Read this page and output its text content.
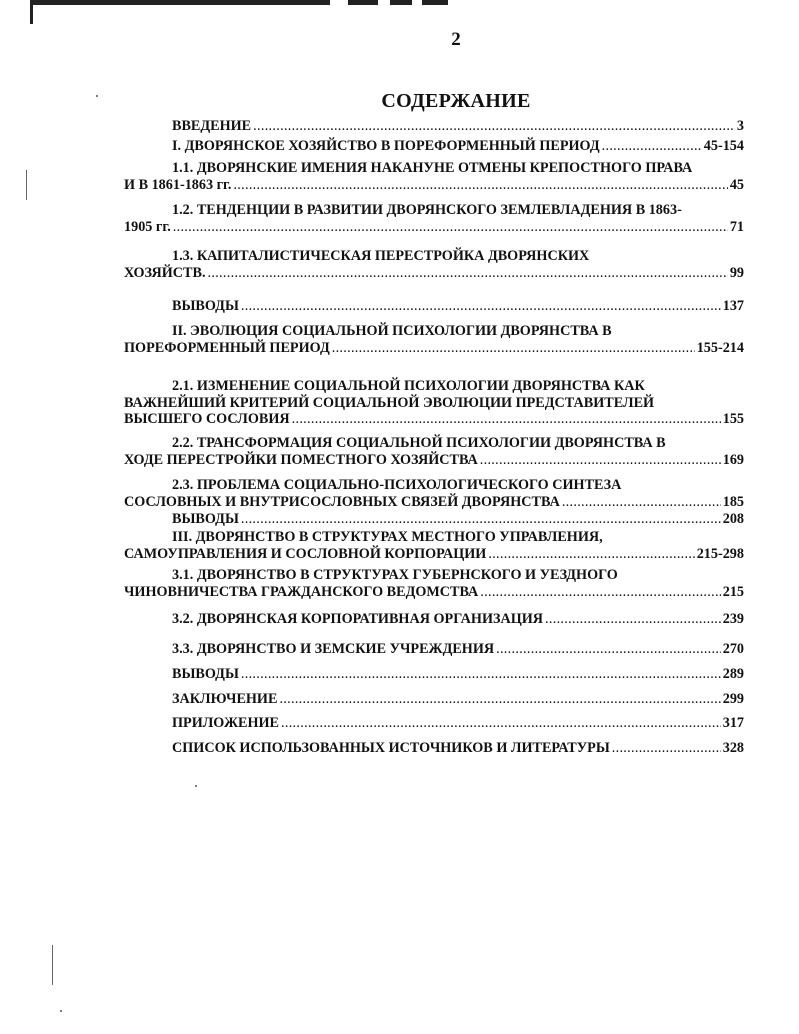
2
СОДЕРЖАНИЕ
ВВЕДЕНИЕ .....	3
I. ДВОРЯНСКОЕ ХОЗЯЙСТВО В ПОРЕФОРМЕННЫЙ ПЕРИОД .....	45-154
1.1. ДВОРЯНСКИЕ ИМЕНИЯ НАКАНУНЕ ОТМЕНЫ КРЕПОСТНОГО ПРАВА
И В 1861-1863 гг. .....	45
1.2. ТЕНДЕНЦИИ В РАЗВИТИИ ДВОРЯНСКОГО ЗЕМЛЕВЛАДЕНИЯ В 1863-
1905 гг. .....	71
1.3. КАПИТАЛИСТИЧЕСКАЯ ПЕРЕСТРОЙКА ДВОРЯНСКИХ
ХОЗЯЙСТВ. .....	99
ВЫВОДЫ .....	137
II. ЭВОЛЮЦИЯ СОЦИАЛЬНОЙ ПСИХОЛОГИИ ДВОРЯНСТВА В
ПОРЕФОРМЕННЫЙ ПЕРИОД .....	155-214
2.1. ИЗМЕНЕНИЕ СОЦИАЛЬНОЙ ПСИХОЛОГИИ ДВОРЯНСТВА КАК
ВАЖНЕЙШИЙ КРИТЕРИЙ СОЦИАЛЬНОЙ ЭВОЛЮЦИИ ПРЕДСТАВИТЕЛЕЙ
ВЫСШЕГО СОСЛОВИЯ .....	155
2.2. ТРАНСФОРМАЦИЯ СОЦИАЛЬНОЙ ПСИХОЛОГИИ ДВОРЯНСТВА В
ХОДЕ ПЕРЕСТРОЙКИ ПОМЕСТНОГО ХОЗЯЙСТВА .....	169
2.3. ПРОБЛЕМА СОЦИАЛЬНО-ПСИХОЛОГИЧЕСКОГО СИНТЕЗА
СОСЛОВНЫХ И ВНУТРИСОСЛОВНЫХ СВЯЗЕЙ ДВОРЯНСТВА .....	185
ВЫВОДЫ .....	208
III. ДВОРЯНСТВО В СТРУКТУРАХ МЕСТНОГО УПРАВЛЕНИЯ,
САМОУПРАВЛЕНИЯ И СОСЛОВНОЙ КОРПОРАЦИИ .....	215-298
3.1. ДВОРЯНСТВО В СТРУКТУРАХ ГУБЕРНСКОГО И УЕЗДНОГО
ЧИНОВНИЧЕСТВА ГРАЖДАНСКОГО ВЕДОМСТВА .....	215
3.2. ДВОРЯНСКАЯ КОРПОРАТИВНАЯ ОРГАНИЗАЦИЯ .....	239
3.3. ДВОРЯНСТВО И ЗЕМСКИЕ УЧРЕЖДЕНИЯ .....	270
ВЫВОДЫ .....	289
ЗАКЛЮЧЕНИЕ .....	299
ПРИЛОЖЕНИЕ .....	317
СПИСОК ИСПОЛЬЗОВАННЫХ ИСТОЧНИКОВ И ЛИТЕРАТУРЫ .....	328
